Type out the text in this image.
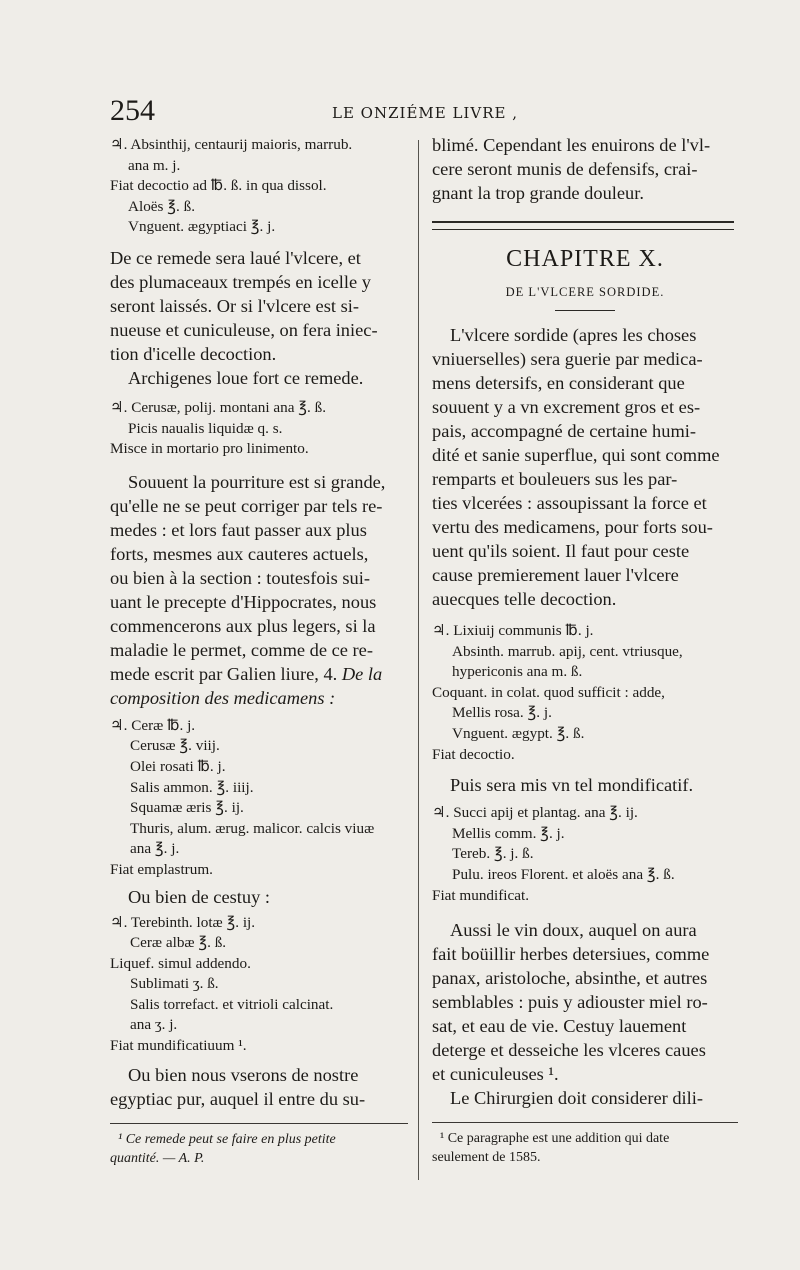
254	LE ONZIÉME LIVRE ,
♃. Absinthij, centaurij maioris, marrub.
ana m. j.
Fiat decoctio ad ℔. ß. in qua dissol.
Aloës ℥. ß.
Vnguent. ægyptiaci ℥. j.
De ce remede sera laué l'vlcere, et
des plumaceaux trempés en icelle y
seront laissés. Or si l'vlcere est si-
nueuse et cuniculeuse, on fera iniec-
tion d'icelle decoction.
Archigenes loue fort ce remede.
♃. Cerusæ, polij. montani ana ℥. ß.
Picis naualis liquidæ q. s.
Misce in mortario pro linimento.
Souuent la pourriture est si grande,
qu'elle ne se peut corriger par tels re-
medes : et lors faut passer aux plus
forts, mesmes aux cauteres actuels,
ou bien à la section : toutesfois sui-
uant le precepte d'Hippocrates, nous
commencerons aux plus legers, si la
maladie le permet, comme de ce re-
mede escrit par Galien liure, 4. De la
composition des medicamens :
♃. Ceræ ℔. j.
Cerusæ ℥. viij.
Olei rosati ℔. j.
Salis ammon. ℥. iiij.
Squamæ æris ℥. ij.
Thuris, alum. ærug. malicor. calcis viuæ
ana ℥. j.
Fiat emplastrum.
Ou bien de cestuy :
♃. Terebinth. lotæ ℥. ij.
Ceræ albæ ℥. ß.
Liquef. simul addendo.
Sublimati ʒ. ß.
Salis torrefact. et vitrioli calcinat.
ana ʒ. j.
Fiat mundificatiuum ¹.
Ou bien nous vserons de nostre
egyptiac pur, auquel il entre du su-
¹ Ce remede peut se faire en plus petite
quantité. — A. P.
blimé. Cependant les enuirons de l'vl-
cere seront munis de defensifs, crai-
gnant la trop grande douleur.
CHAPITRE X.
DE L'VLCERE SORDIDE.
L'vlcere sordide (apres les choses
vniuerselles) sera guerie par medica-
mens detersifs, en considerant que
souuent y a vn excrement gros et es-
pais, accompagné de certaine humi-
dité et sanie superflue, qui sont comme
remparts et bouleuers sus les par-
ties vlcerées : assoupissant la force et
vertu des medicamens, pour forts sou-
uent qu'ils soient. Il faut pour ceste
cause premierement lauer l'vlcere
auecques telle decoction.
♃. Lixiuij communis ℔. j.
Absinth. marrub. apij, cent. vtriusque,
hypericonis ana m. ß.
Coquant. in colat. quod sufficit : adde,
Mellis rosa. ℥. j.
Vnguent. ægypt. ℥. ß.
Fiat decoctio.
Puis sera mis vn tel mondificatif.
♃. Succi apij et plantag. ana ℥. ij.
Mellis comm. ℥. j.
Tereb. ℥. j. ß.
Pulu. ireos Florent. et aloës ana ℥. ß.
Fiat mundificat.
Aussi le vin doux, auquel on aura
fait boüillir herbes detersiues, comme
panax, aristoloche, absinthe, et autres
semblables : puis y adiouster miel ro-
sat, et eau de vie. Cestuy lauement
deterge et desseiche les vlceres caues
et cuniculeuses ¹.
Le Chirurgien doit considerer dili-
¹ Ce paragraphe est une addition qui date
seulement de 1585.
